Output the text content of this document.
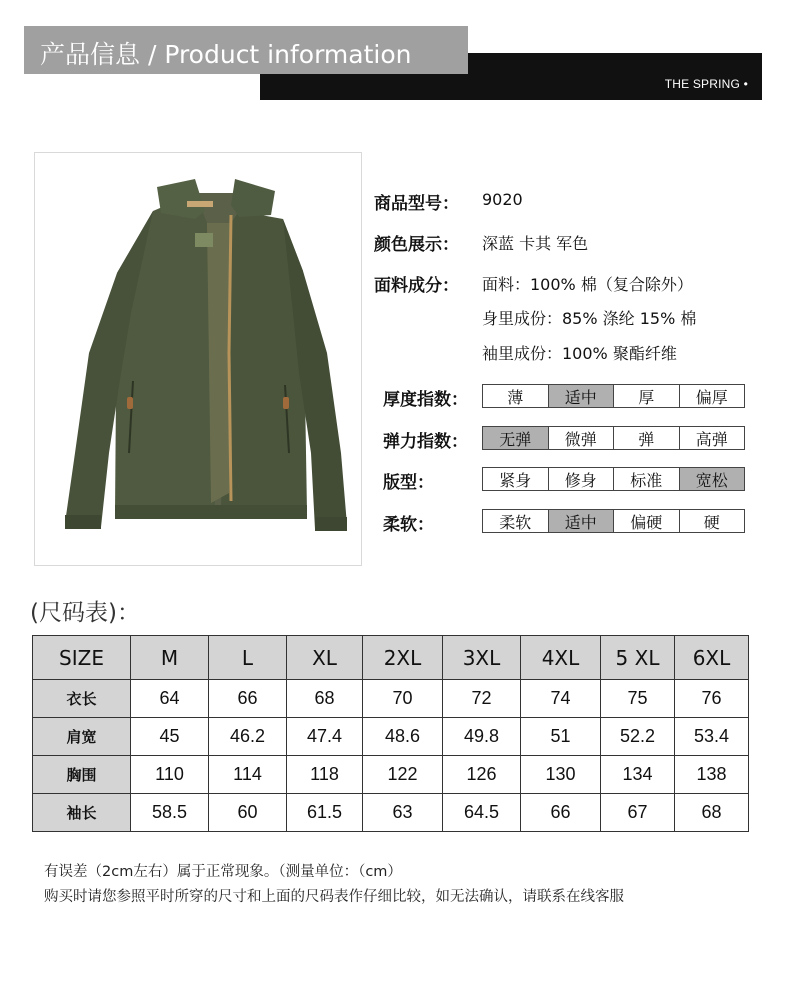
产品信息 / Product information
THE SPRING •
商品型号： 9020
颜色展示： 深蓝 卡其 军色
面料成分： 面料：100% 棉（复合除外）
身里成份：85% 涤纶 15% 棉
袖里成份：100% 聚酯纤维
厚度指数：	薄	适中	厚	偏厚
弹力指数：	无弹	微弹	弹	高弹
版型：	紧身	修身	标准	宽松
柔软：	柔软	适中	偏硬	硬
(尺码表)：
SIZE	M	L	XL	2XL	3XL	4XL	5 XL	6XL
衣长	64	66	68	70	72	74	75	76
肩宽	45	46.2	47.4	48.6	49.8	51	52.2	53.4
胸围	110	114	118	122	126	130	134	138
袖长	58.5	60	61.5	63	64.5	66	67	68
有误差（2cm左右）属于正常现象。（测量单位：（cm）
购买时请您参照平时所穿的尺寸和上面的尺码表作仔细比较，如无法确认，请联系在线客服
